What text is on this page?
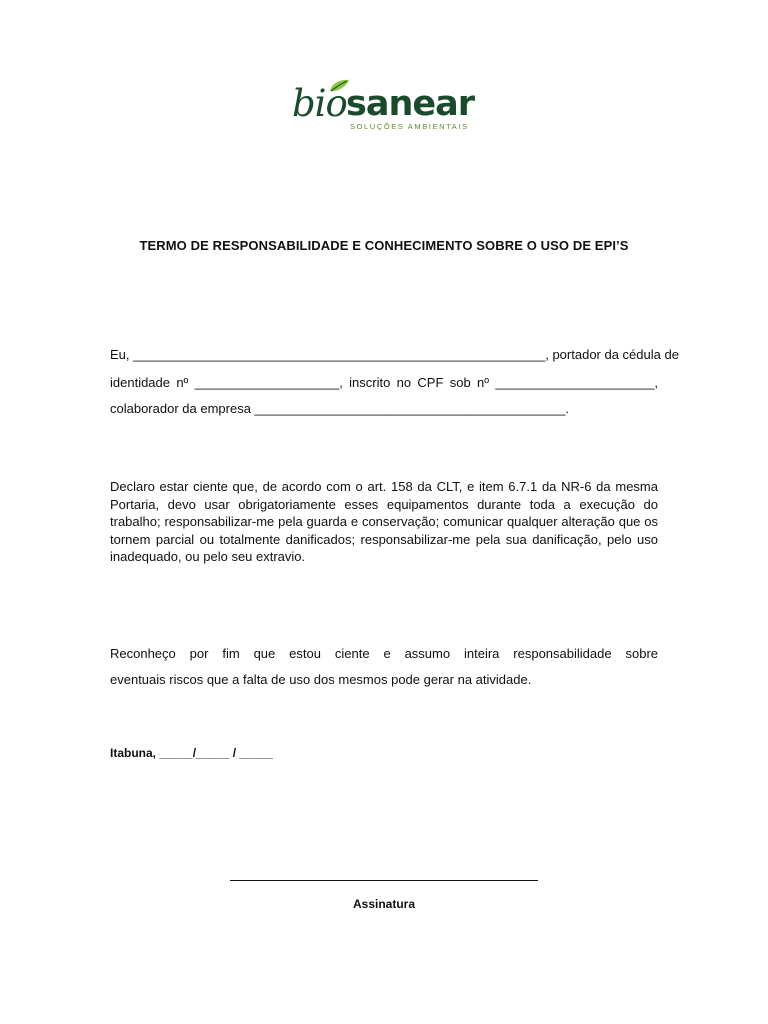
bio sanear
SOLUÇÕES AMBIENTAIS
TERMO DE RESPONSABILIDADE E CONHECIMENTO SOBRE O USO DE EPI’S
Eu, _________________________________________________________, portador da cédula de
identidade nº ____________________, inscrito no CPF sob nº ______________________,
colaborador da empresa ___________________________________________.
Declaro estar ciente que, de acordo com o art. 158 da CLT, e item 6.7.1 da NR-6 da mesma Portaria, devo usar obrigatoriamente esses equipamentos durante toda a execução do trabalho; responsabilizar-me pela guarda e conservação; comunicar qualquer alteração que os tornem parcial ou totalmente danificados; responsabilizar-me pela sua danificação, pelo uso inadequado, ou pelo seu extravio.
Reconheço por fim que estou ciente e assumo inteira responsabilidade sobre
eventuais riscos que a falta de uso dos mesmos pode gerar na atividade.
Itabuna, _____/_____ / _____
Assinatura
